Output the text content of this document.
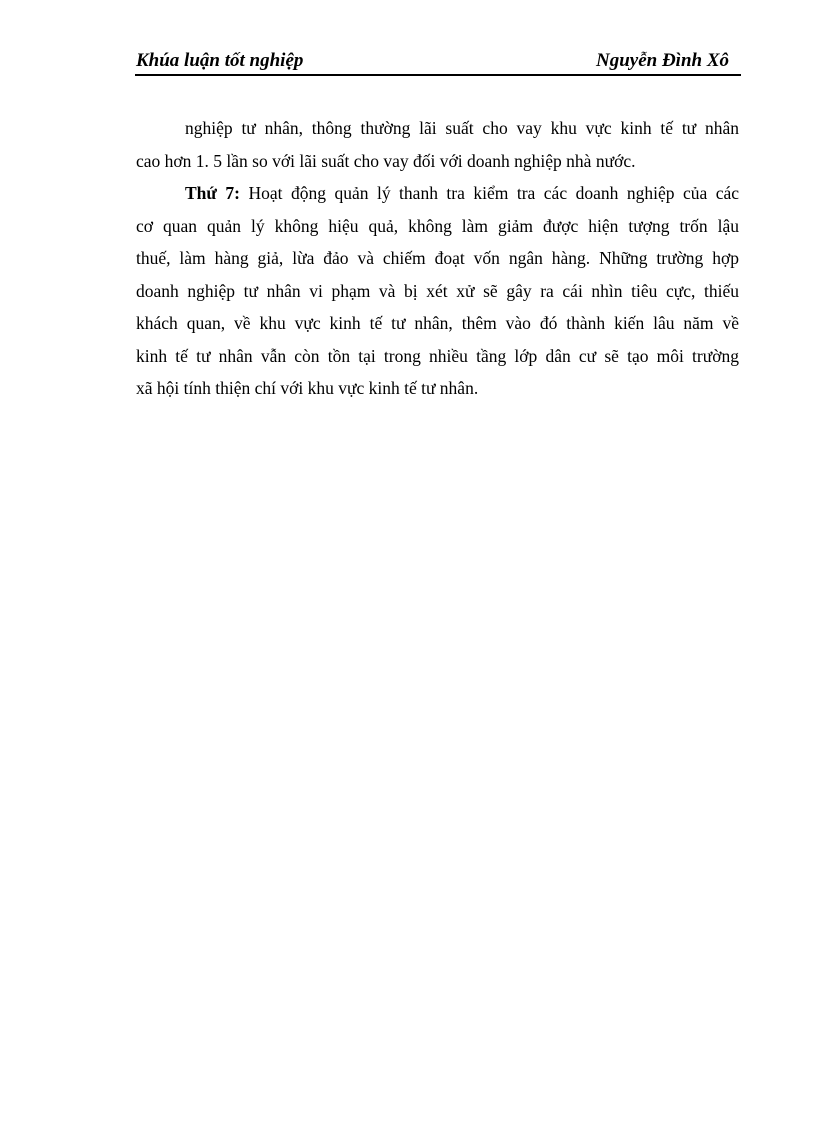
Khúa luận tốt nghiệp	Nguyễn Đình Xô
nghiệp tư nhân, thông thường lãi suất cho vay khu vực kinh tế tư nhân
cao hơn 1. 5 lần so với lãi suất cho vay đối với doanh nghiệp nhà nước.
Thứ 7: Hoạt động quản lý thanh tra kiểm tra các doanh nghiệp của các
cơ quan quản lý không hiệu quả, không làm giảm được hiện tượng trốn lậu
thuế, làm hàng giả, lừa đảo và chiếm đoạt vốn ngân hàng. Những trường hợp
doanh nghiệp tư nhân vi phạm và bị xét xử sẽ gây ra cái nhìn tiêu cực, thiếu
khách quan, về khu vực kinh tế tư nhân, thêm vào đó thành kiến lâu năm về
kinh tế tư nhân vẫn còn tồn tại trong nhiều tầng lớp dân cư sẽ tạo môi trường
xã hội tính thiện chí với khu vực kinh tế tư nhân.
